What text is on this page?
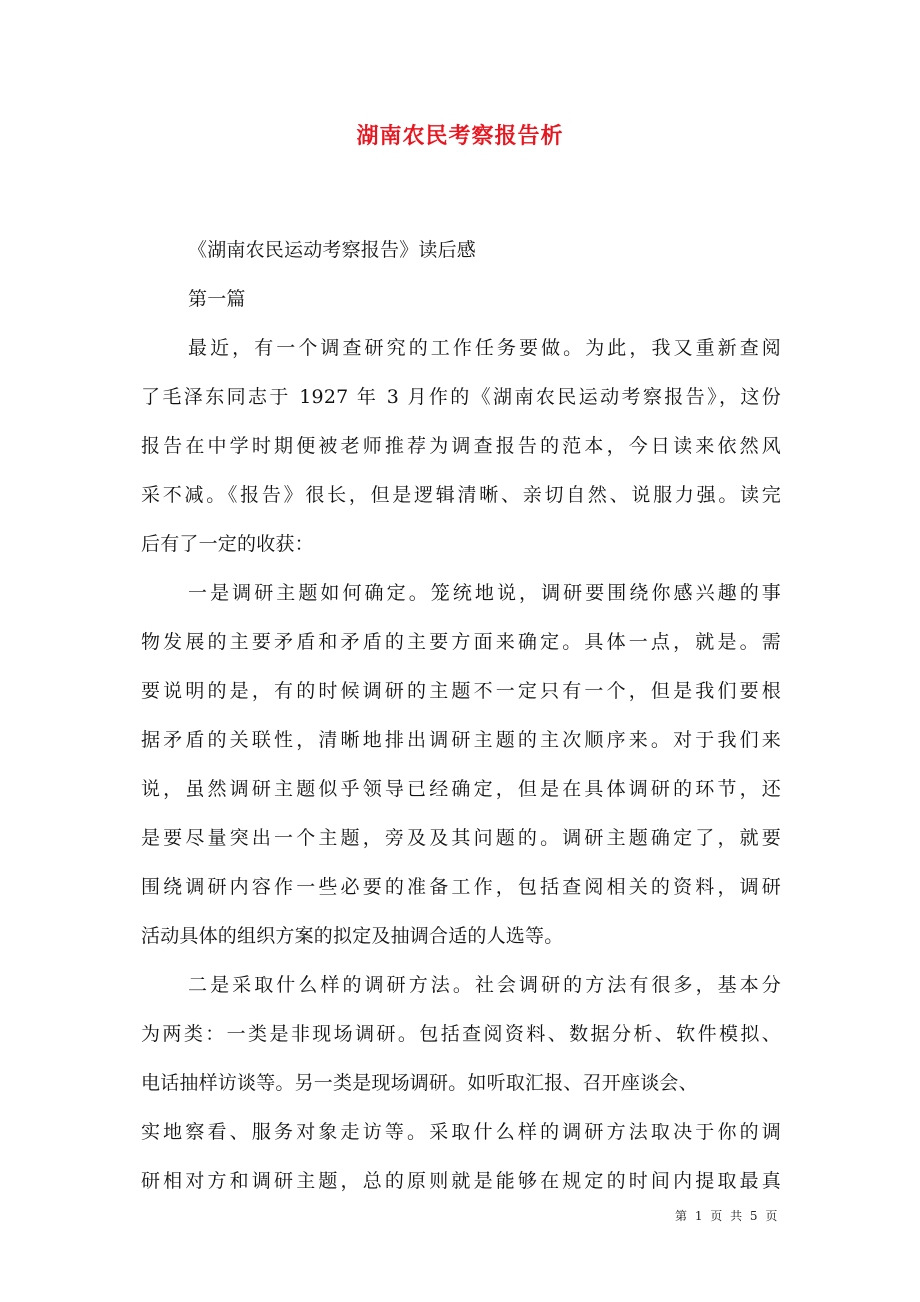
湖南农民考察报告析

《湖南农民运动考察报告》读后感

第一篇

最近，有一个调查研究的工作任务要做。为此，我又重新查阅

了毛泽东同志于 1927 年 3 月作的《湖南农民运动考察报告》，这份

报告在中学时期便被老师推荐为调查报告的范本，今日读来依然风

采不减。《报告》很长，但是逻辑清晰、亲切自然、说服力强。读完

后有了一定的收获：

一是调研主题如何确定。笼统地说，调研要围绕你感兴趣的事

物发展的主要矛盾和矛盾的主要方面来确定。具体一点，就是。需

要说明的是，有的时候调研的主题不一定只有一个，但是我们要根

据矛盾的关联性，清晰地排出调研主题的主次顺序来。对于我们来

说，虽然调研主题似乎领导已经确定，但是在具体调研的环节，还

是要尽量突出一个主题，旁及及其问题的。调研主题确定了，就要

围绕调研内容作一些必要的准备工作，包括查阅相关的资料，调研

活动具体的组织方案的拟定及抽调合适的人选等。

二是采取什么样的调研方法。社会调研的方法有很多，基本分

为两类：一类是非现场调研。包括查阅资料、数据分析、软件模拟、

电话抽样访谈等。另一类是现场调研。如听取汇报、召开座谈会、

实地察看、服务对象走访等。采取什么样的调研方法取决于你的调

研相对方和调研主题，总的原则就是能够在规定的时间内提取最真

第 1 页 共 5 页
